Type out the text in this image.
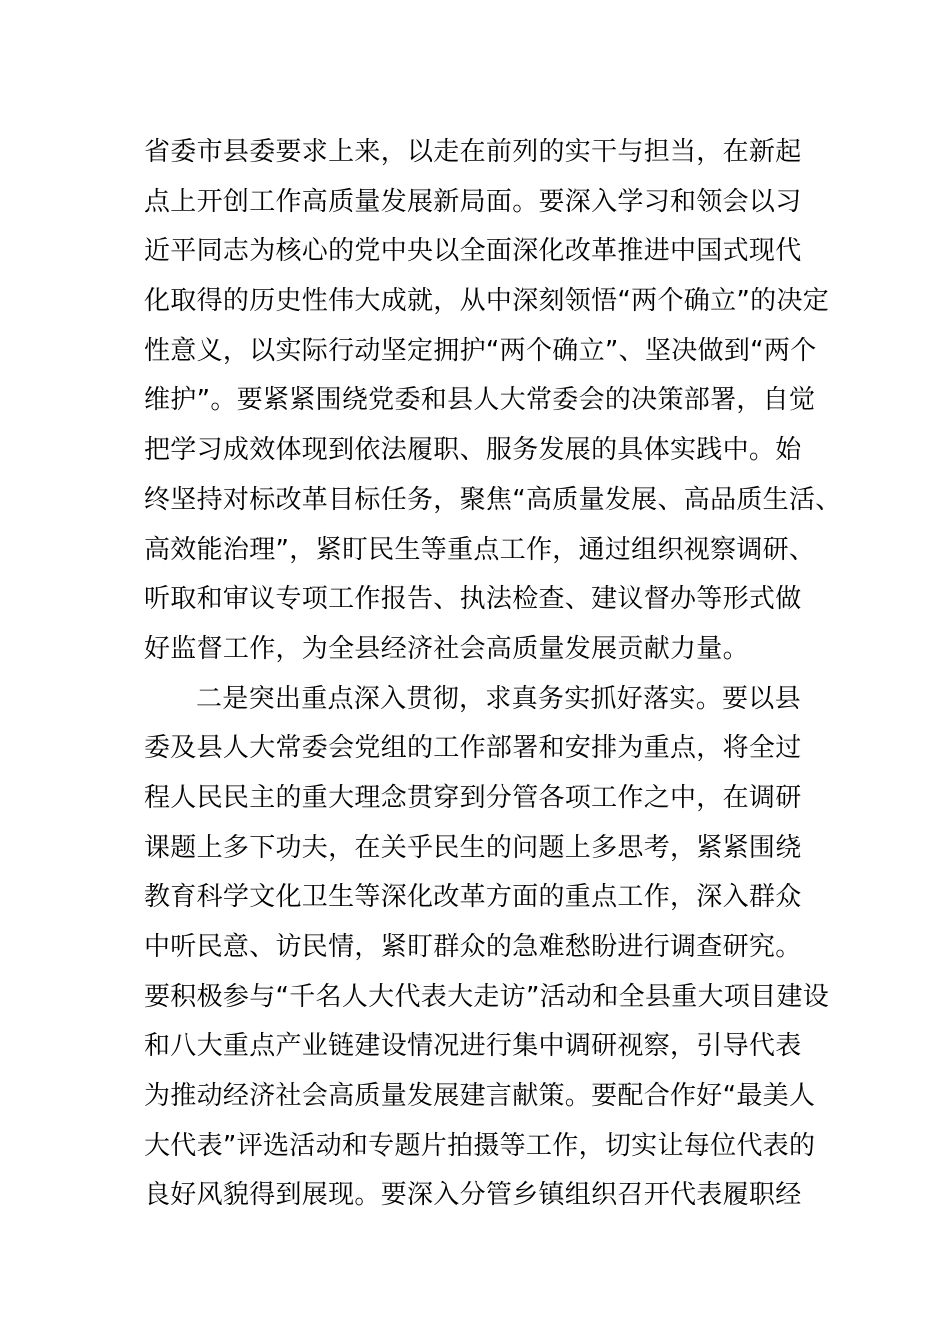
省委市县委要求上来，以走在前列的实干与担当，在新起
点上开创工作高质量发展新局面。要深入学习和领会以习
近平同志为核心的党中央以全面深化改革推进中国式现代
化取得的历史性伟大成就，从中深刻领悟“两个确立”的决定
性意义，以实际行动坚定拥护“两个确立”、坚决做到“两个
维护”。要紧紧围绕党委和县人大常委会的决策部署，自觉
把学习成效体现到依法履职、服务发展的具体实践中。始
终坚持对标改革目标任务，聚焦“高质量发展、高品质生活、
高效能治理”，紧盯民生等重点工作，通过组织视察调研、
听取和审议专项工作报告、执法检查、建议督办等形式做
好监督工作，为全县经济社会高质量发展贡献力量。
二是突出重点深入贯彻，求真务实抓好落实。要以县
委及县人大常委会党组的工作部署和安排为重点，将全过
程人民民主的重大理念贯穿到分管各项工作之中，在调研
课题上多下功夫，在关乎民生的问题上多思考，紧紧围绕
教育科学文化卫生等深化改革方面的重点工作，深入群众
中听民意、访民情，紧盯群众的急难愁盼进行调查研究。
要积极参与“千名人大代表大走访”活动和全县重大项目建设
和八大重点产业链建设情况进行集中调研视察，引导代表
为推动经济社会高质量发展建言献策。要配合作好“最美人
大代表”评选活动和专题片拍摄等工作，切实让每位代表的
良好风貌得到展现。要深入分管乡镇组织召开代表履职经
